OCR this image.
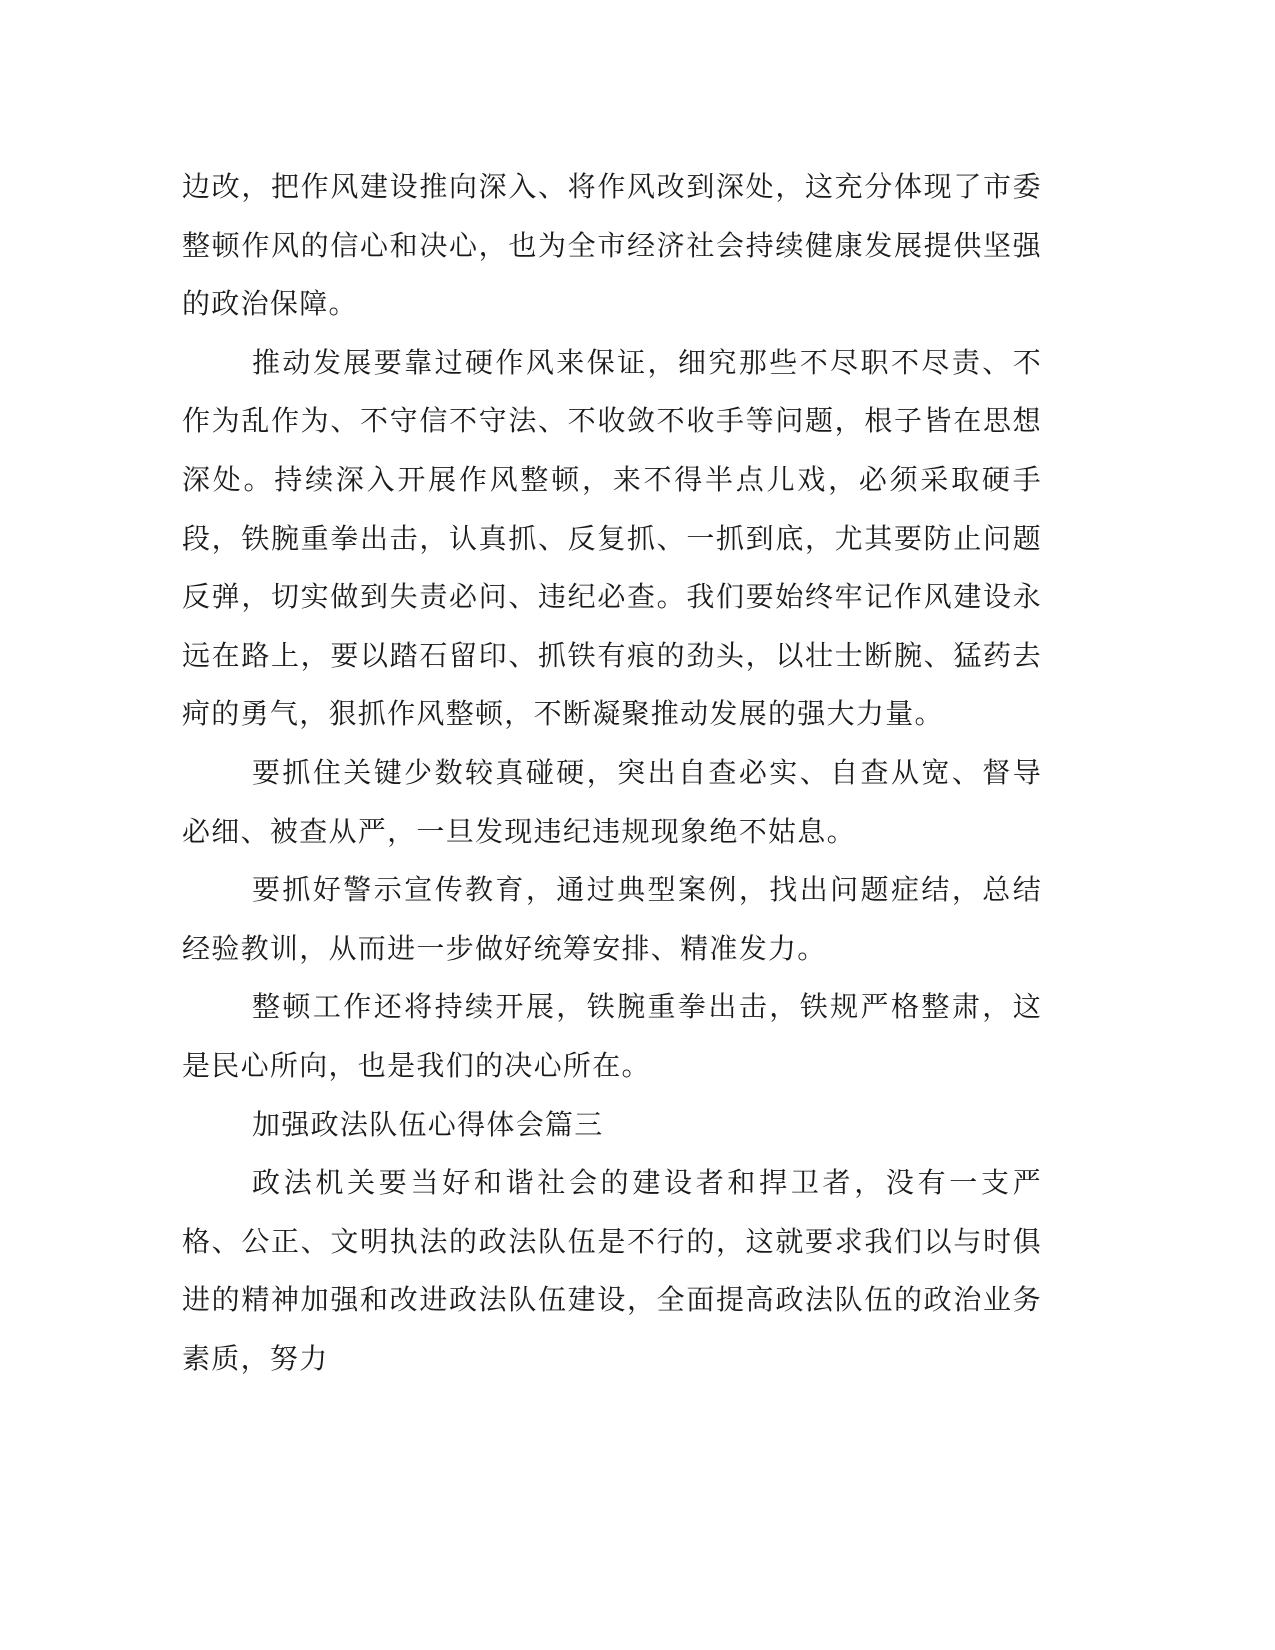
边改，把作风建设推向深入、将作风改到深处，这充分体现了市委整顿作风的信心和决心，也为全市经济社会持续健康发展提供坚强的政治保障。

推动发展要靠过硬作风来保证，细究那些不尽职不尽责、不作为乱作为、不守信不守法、不收敛不收手等问题，根子皆在思想深处。持续深入开展作风整顿，来不得半点儿戏，必须采取硬手段，铁腕重拳出击，认真抓、反复抓、一抓到底，尤其要防止问题反弹，切实做到失责必问、违纪必查。我们要始终牢记作风建设永远在路上，要以踏石留印、抓铁有痕的劲头，以壮士断腕、猛药去疴的勇气，狠抓作风整顿，不断凝聚推动发展的强大力量。

要抓住关键少数较真碰硬，突出自查必实、自查从宽、督导必细、被查从严，一旦发现违纪违规现象绝不姑息。

要抓好警示宣传教育，通过典型案例，找出问题症结，总结经验教训，从而进一步做好统筹安排、精准发力。

整顿工作还将持续开展，铁腕重拳出击，铁规严格整肃，这是民心所向，也是我们的决心所在。

加强政法队伍心得体会篇三

政法机关要当好和谐社会的建设者和捍卫者，没有一支严格、公正、文明执法的政法队伍是不行的，这就要求我们以与时俱进的精神加强和改进政法队伍建设，全面提高政法队伍的政治业务素质，努力
